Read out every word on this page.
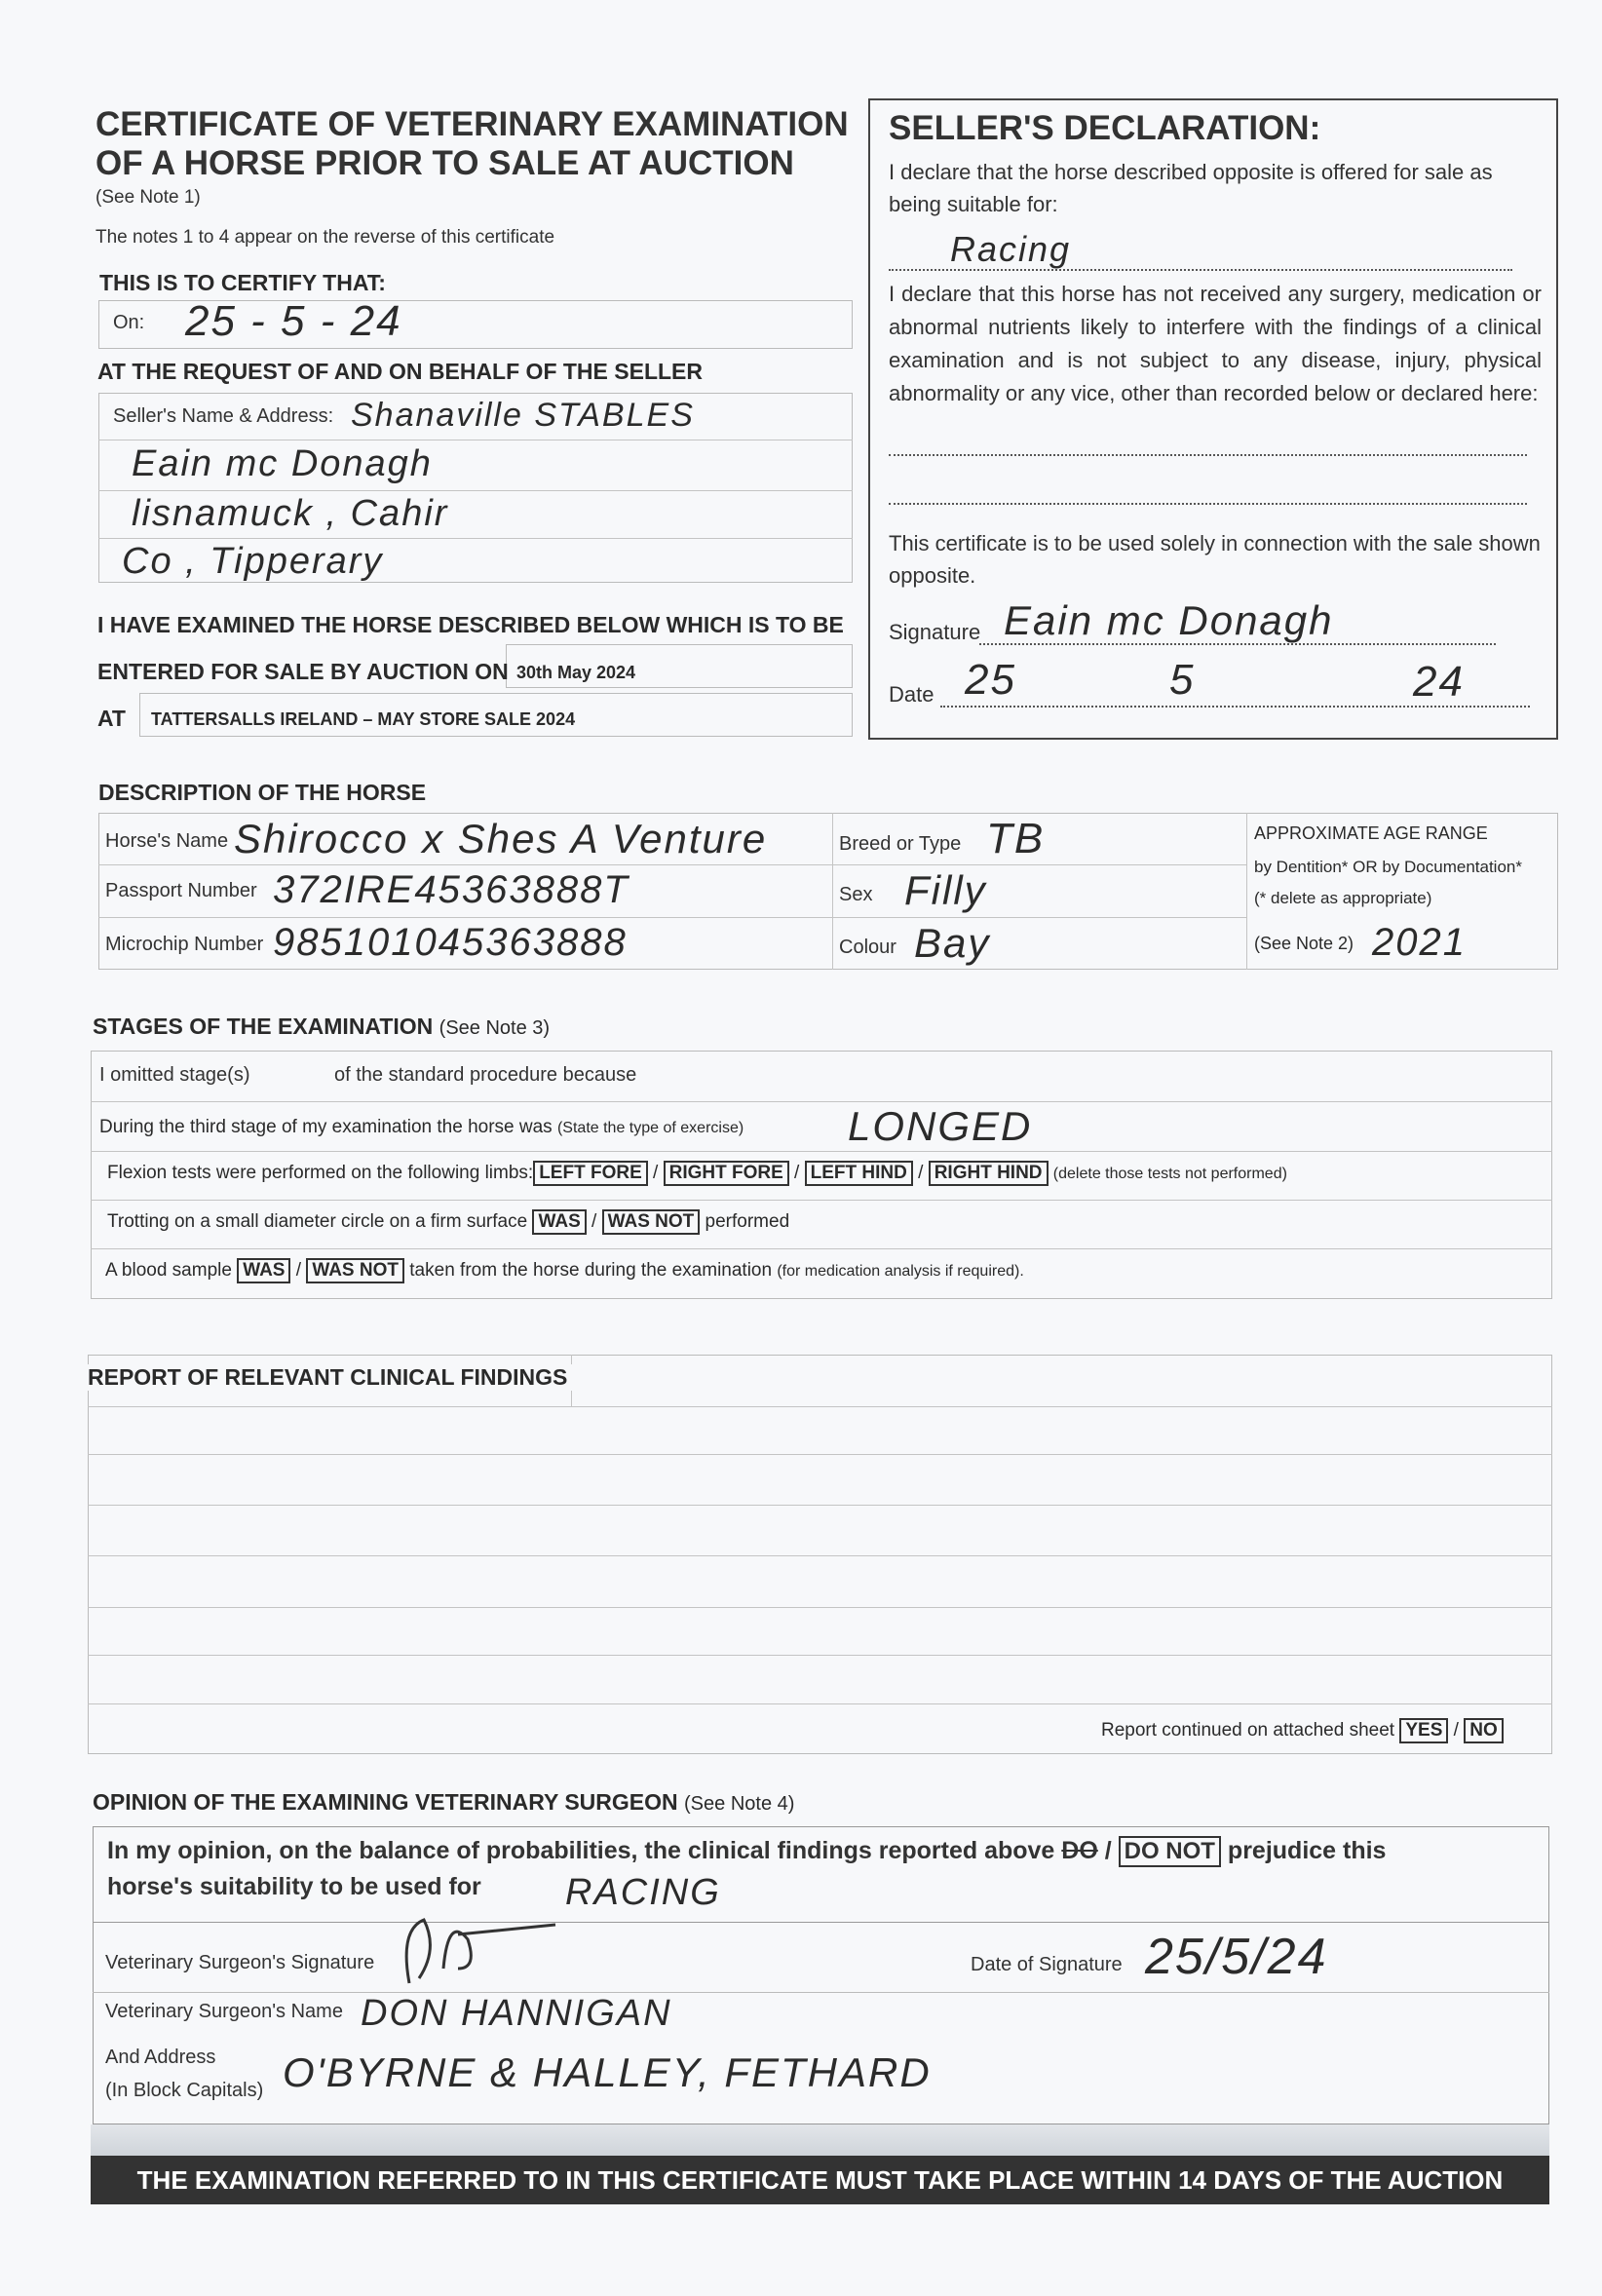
CERTIFICATE OF VETERINARY EXAMINATION
OF A HORSE PRIOR TO SALE AT AUCTION
(See Note 1)
The notes 1 to 4 appear on the reverse of this certificate
THIS IS TO CERTIFY THAT:
On: 25 - 5 - 24
AT THE REQUEST OF AND ON BEHALF OF THE SELLER
Seller's Name & Address: Shanaville STABLES
Eain mc Donagh
lisnamuck , Cahir
Co , Tipperary
I HAVE EXAMINED THE HORSE DESCRIBED BELOW WHICH IS TO BE
ENTERED FOR SALE BY AUCTION ON 30th May 2024
AT TATTERSALLS IRELAND – MAY STORE SALE 2024
SELLER'S DECLARATION:
I declare that the horse described opposite is offered for sale as being suitable for:
Racing
I declare that this horse has not received any surgery, medication or abnormal nutrients likely to interfere with the findings of a clinical examination and is not subject to any disease, injury, physical abnormality or any vice, other than recorded below or declared here:
This certificate is to be used solely in connection with the sale shown opposite.
Signature Eain mc Donagh
Date 25	5	24
DESCRIPTION OF THE HORSE
Horse's Name Shirocco x Shes A Venture
Passport Number 372IRE45363888T
Microchip Number 985101045363888
Breed or Type TB
Sex Filly
Colour Bay
APPROXIMATE AGE RANGE
by Dentition* OR by Documentation*
(* delete as appropriate)
(See Note 2) 2021
STAGES OF THE EXAMINATION (See Note 3)
I omitted stage(s)	of the standard procedure because
During the third stage of my examination the horse was (State the type of exercise)	LONGED
Flexion tests were performed on the following limbs: LEFT FORE / RIGHT FORE / LEFT HIND / RIGHT HIND (delete those tests not performed)
Trotting on a small diameter circle on a firm surface WAS / WAS NOT performed
A blood sample WAS / WAS NOT taken from the horse during the examination (for medication analysis if required).
REPORT OF RELEVANT CLINICAL FINDINGS
Report continued on attached sheet YES / NO
OPINION OF THE EXAMINING VETERINARY SURGEON (See Note 4)
In my opinion, on the balance of probabilities, the clinical findings reported above DO / DO NOT prejudice this
horse's suitability to be used for RACING
Veterinary Surgeon's Signature	Date of Signature 25/5/24
Veterinary Surgeon's Name DON HANNIGAN
And Address
(In Block Capitals) O'BYRNE & HALLEY, FETHARD
THE EXAMINATION REFERRED TO IN THIS CERTIFICATE MUST TAKE PLACE WITHIN 14 DAYS OF THE AUCTION
